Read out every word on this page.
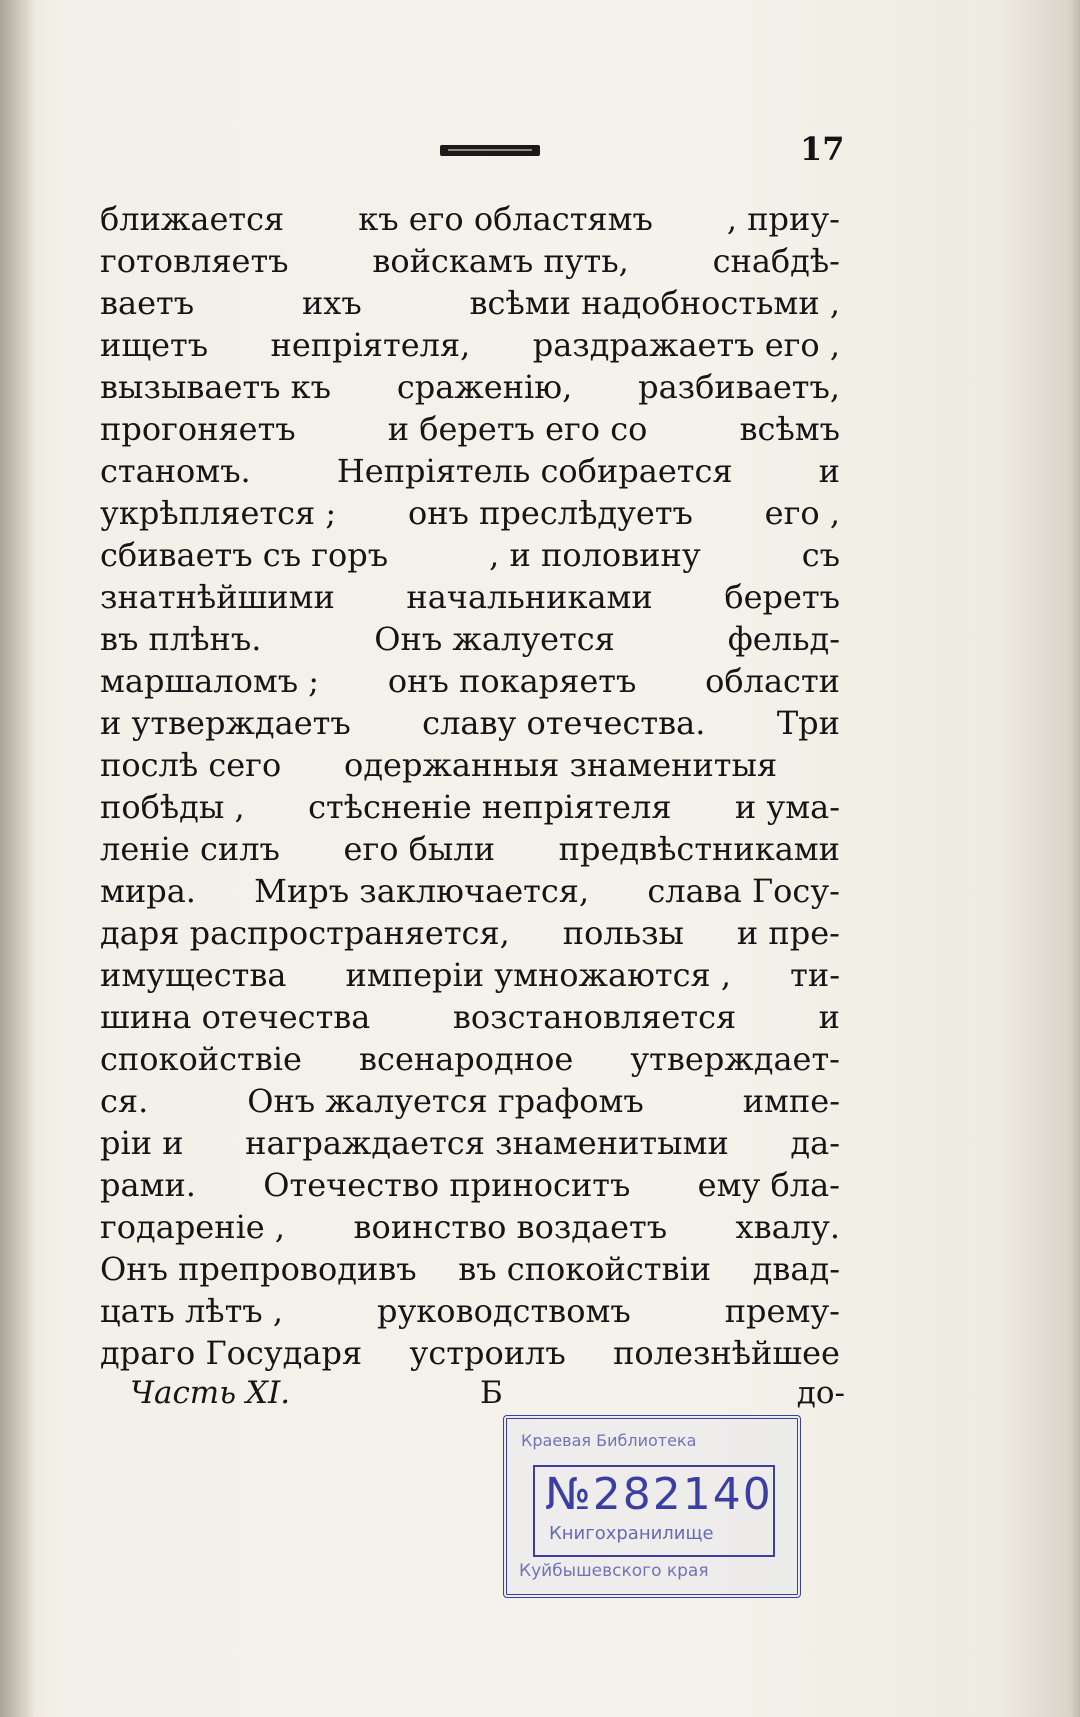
17
ближается къ его областямъ , приу-
готовляетъ	войскамъ путь,	снабдѣ-
ваетъ	ихъ	всѣми надобностьми ,
ищетъ непріятеля, раздражаетъ его ,
вызываетъ къ сраженію, разбиваетъ,
прогоняетъ	и беретъ его со	всѣмъ
станомъ.	Непріятель собирается	и
укрѣпляется ; онъ преслѣдуетъ его ,
сбиваетъ съ горъ	, и половину	съ
знатнѣйшими начальниками беретъ
въ плѣнъ.	Онъ жалуется	фельд-
маршаломъ ; онъ покаряетъ области
и утверждаетъ славу отечества. Три
послѣ сего одержанныя знаменитыя
побѣды , стѣсненіе непріятеля и ума-
леніе силъ его были предвѣстниками
мира. Миръ заключается, слава Госу-
даря распространяется, пользы и пре-
имущества имперіи умножаются , ти-
шина отечества	возстановляется	и
спокойствіе всенародное утверждает-
ся.	Онъ жалуется графомъ	импе-
ріи и награждается знаменитыми да-
рами. Отечество приноситъ ему бла-
годареніе , воинство воздаетъ хвалу.
Онъ препроводивъ въ спокойствіи двад-
цать лѣтъ ,	руководствомъ	прему-
драго Государя устроилъ полезнѣйшее
Часть XI.	Б	до-
Краевая Библиотека
№282140
Книгохранилище
Куйбышевского края
